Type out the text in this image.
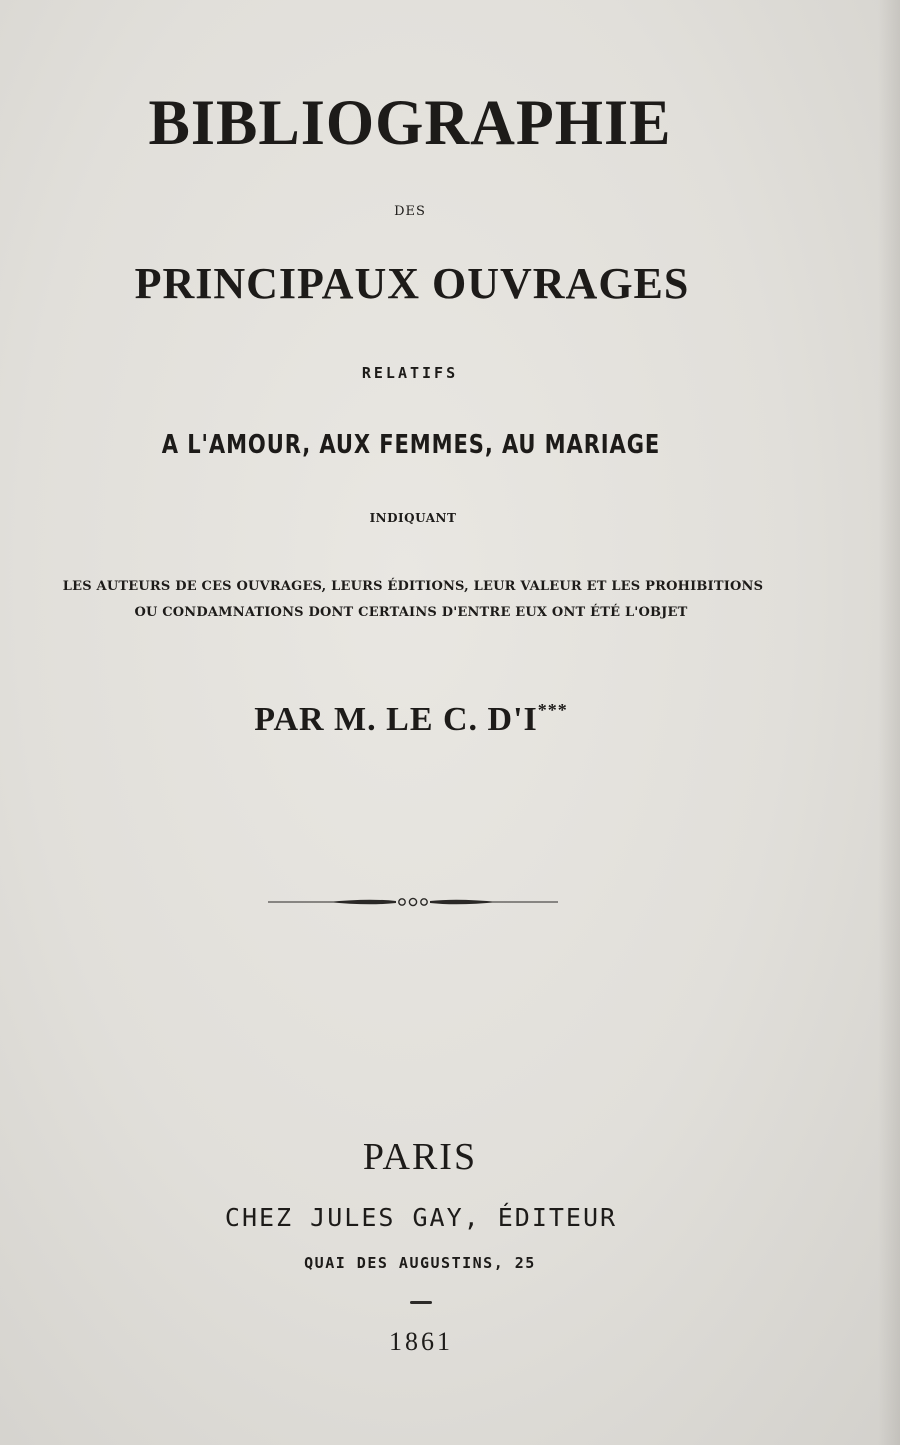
BIBLIOGRAPHIE
DES
PRINCIPAUX OUVRAGES
RELATIFS
A L'AMOUR, AUX FEMMES, AU MARIAGE
INDIQUANT
LES AUTEURS DE CES OUVRAGES, LEURS ÉDITIONS, LEUR VALEUR ET LES PROHIBITIONS
OU CONDAMNATIONS DONT CERTAINS D'ENTRE EUX ONT ÉTÉ L'OBJET
PAR M. LE C. D'I***
PARIS
CHEZ JULES GAY, ÉDITEUR
QUAI DES AUGUSTINS, 25
1861
